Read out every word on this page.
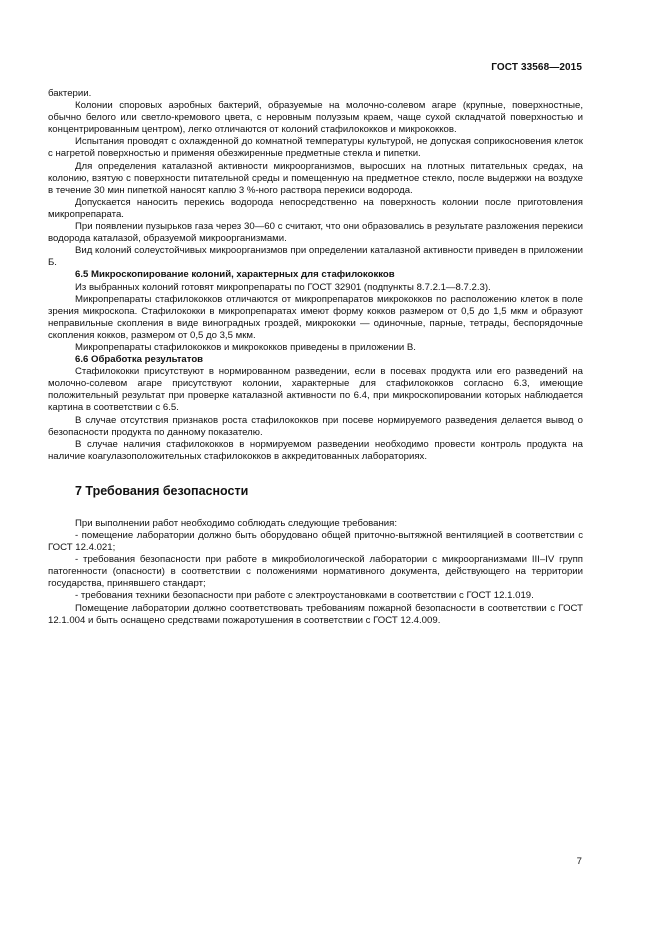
ГОСТ 33568—2015

бактерии.

Колонии споровых аэробных бактерий, образуемые на молочно-солевом агаре (крупные, поверхностные, обычно белого или светло-кремового цвета, с неровным полуэзым краем, чаще сухой складчатой поверхностью и концентрированным центром), легко отличаются от колоний стафилококков и микрококков.

Испытания проводят с охлажденной до комнатной температуры культурой, не допуская соприкосновения клеток с нагретой поверхностью и применяя обезжиренные предметные стекла и пипетки.

Для определения каталазной активности микроорганизмов, выросших на плотных питательных средах, на колонию, взятую с поверхности питательной среды и помещенную на предметное стекло, после выдержки на воздухе в течение 30 мин пипеткой наносят каплю 3 %-ного раствора перекиси водорода.

Допускается наносить перекись водорода непосредственно на поверхность колонии после приготовления микропрепарата.

При появлении пузырьков газа через 30—60 с считают, что они образовались в результате разложения перекиси водорода каталазой, образуемой микроорганизмами.

Вид колоний солеустойчивых микроорганизмов при определении каталазной активности приведен в приложении Б.

6.5 Микроскопирование колоний, характерных для стафилококков

Из выбранных колоний готовят микропрепараты по ГОСТ 32901 (подпункты 8.7.2.1—8.7.2.3).

Микропрепараты стафилококков отличаются от микропрепаратов микрококков по расположению клеток в поле зрения микроскопа. Стафилококки в микропрепаратах имеют форму кокков размером от 0,5 до 1,5 мкм и образуют неправильные скопления в виде виноградных гроздей, микрококки — одиночные, парные, тетрады, беспорядочные скопления кокков, размером от 0,5 до 3,5 мкм.

Микропрепараты стафилококков и микрококков приведены в приложении В.

6.6 Обработка результатов

Стафилококки присутствуют в нормированном разведении, если в посевах продукта или его разведений на молочно-солевом агаре присутствуют колонии, характерные для стафилококков согласно 6.3, имеющие положительный результат при проверке каталазной активности по 6.4, при микроскопировании которых наблюдается картина в соответствии с 6.5.

В случае отсутствия признаков роста стафилококков при посеве нормируемого разведения делается вывод о безопасности продукта по данному показателю.

В случае наличия стафилококков в нормируемом разведении необходимо провести контроль продукта на наличие коагулазоположительных стафилококков в аккредитованных лабораториях.

7 Требования безопасности

При выполнении работ необходимо соблюдать следующие требования:

- помещение лаборатории должно быть оборудовано общей приточно-вытяжной вентиляцией в соответствии с ГОСТ 12.4.021;

- требования безопасности при работе в микробиологической лаборатории с микроорганизмами III–IV групп патогенности (опасности) в соответствии с положениями нормативного документа, действующего на территории государства, принявшего стандарт;

- требования техники безопасности при работе с электроустановками в соответствии с ГОСТ 12.1.019.

Помещение лаборатории должно соответствовать требованиям пожарной безопасности в соответствии с ГОСТ 12.1.004 и быть оснащено средствами пожаротушения в соответствии с ГОСТ 12.4.009.

7
